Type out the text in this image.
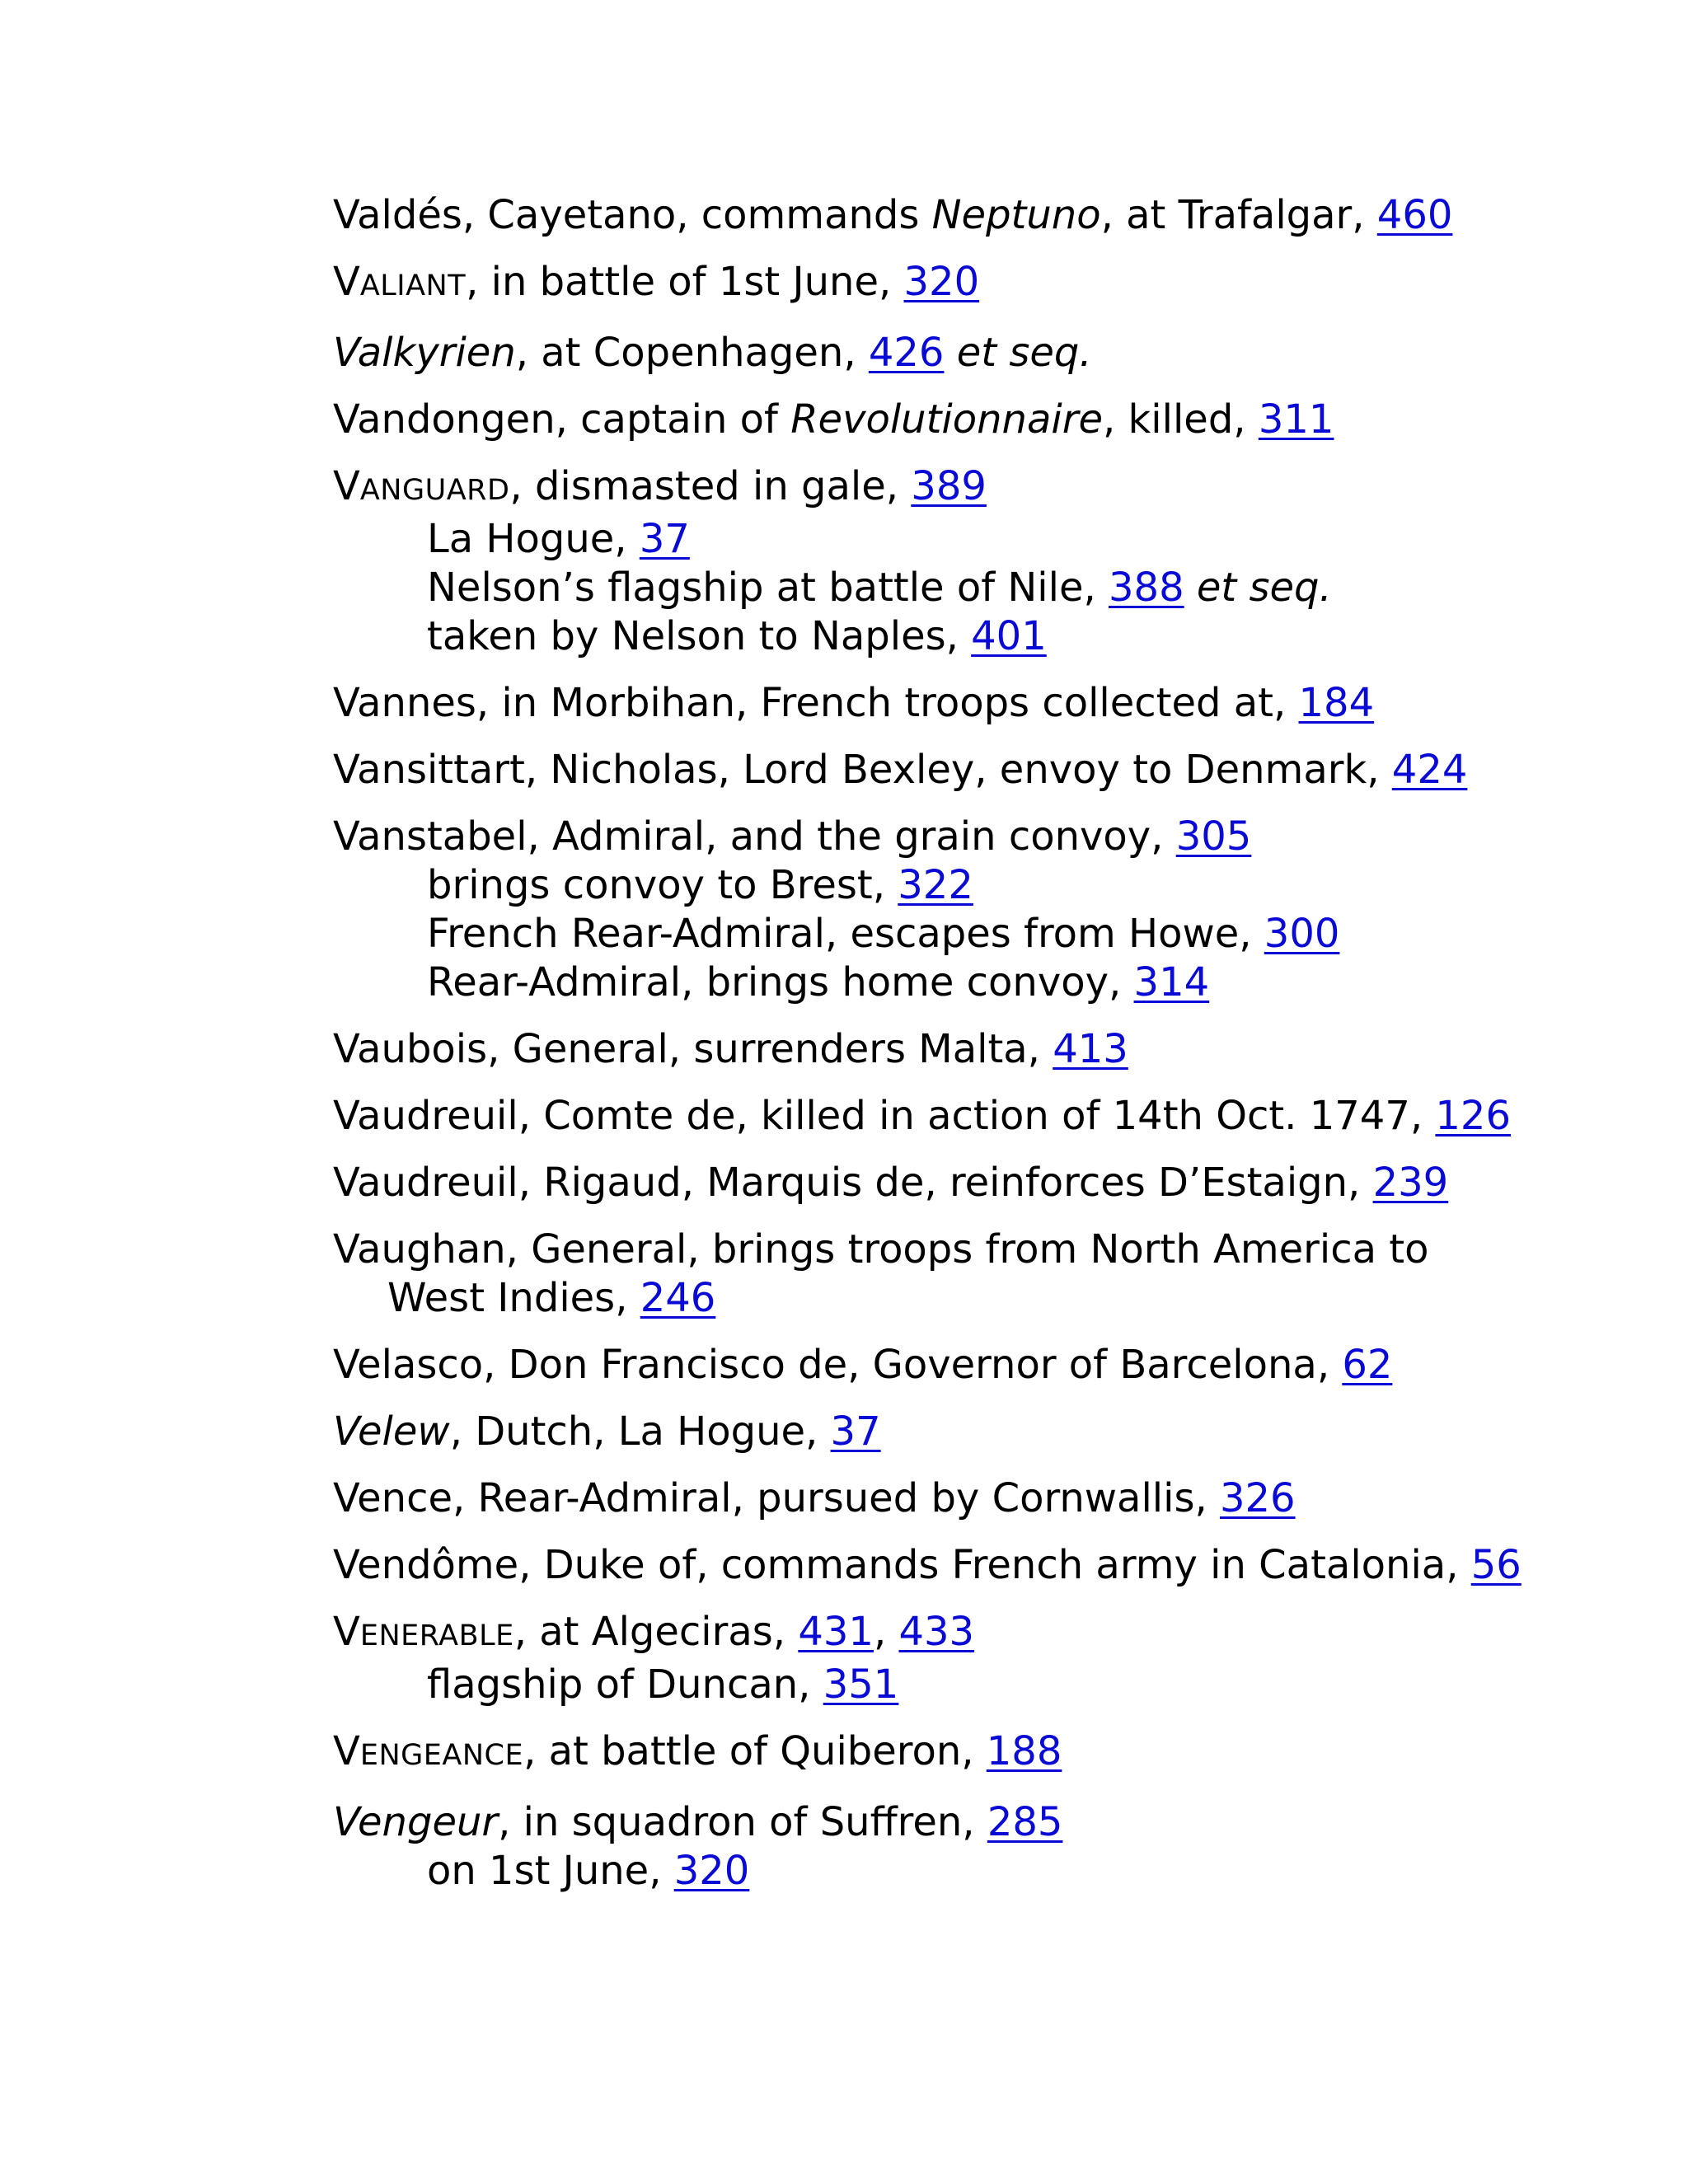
Valdés, Cayetano, commands Neptuno, at Trafalgar, 460
VALIANT, in battle of 1st June, 320
Valkyrien, at Copenhagen, 426 et seq.
Vandongen, captain of Revolutionnaire, killed, 311
VANGUARD, dismasted in gale, 389
La Hogue, 37
Nelson’s flagship at battle of Nile, 388 et seq.
taken by Nelson to Naples, 401
Vannes, in Morbihan, French troops collected at, 184
Vansittart, Nicholas, Lord Bexley, envoy to Denmark, 424
Vanstabel, Admiral, and the grain convoy, 305
brings convoy to Brest, 322
French Rear-Admiral, escapes from Howe, 300
Rear-Admiral, brings home convoy, 314
Vaubois, General, surrenders Malta, 413
Vaudreuil, Comte de, killed in action of 14th Oct. 1747, 126
Vaudreuil, Rigaud, Marquis de, reinforces D’Estaign, 239
Vaughan, General, brings troops from North America to
West Indies, 246
Velasco, Don Francisco de, Governor of Barcelona, 62
Velew, Dutch, La Hogue, 37
Vence, Rear-Admiral, pursued by Cornwallis, 326
Vendôme, Duke of, commands French army in Catalonia, 56
VENERABLE, at Algeciras, 431, 433
flagship of Duncan, 351
VENGEANCE, at battle of Quiberon, 188
Vengeur, in squadron of Suffren, 285
on 1st June, 320
